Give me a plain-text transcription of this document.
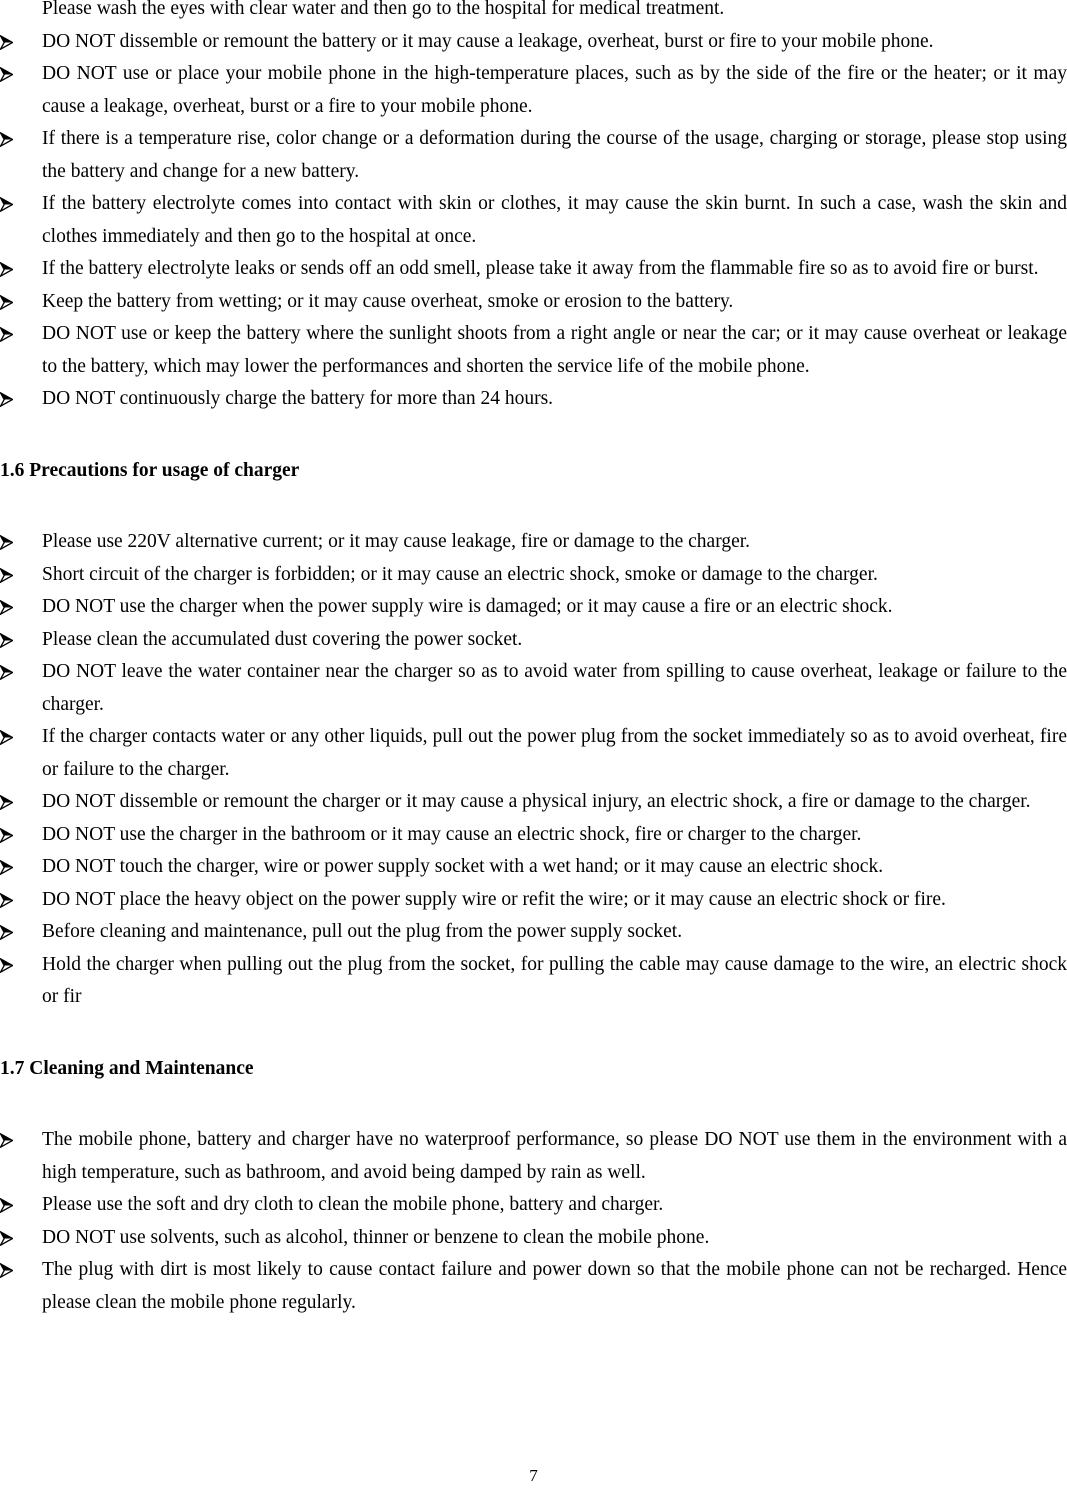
Please wash the eyes with clear water and then go to the hospital for medical treatment.
DO NOT dissemble or remount the battery or it may cause a leakage, overheat, burst or fire to your mobile phone.
DO NOT use or place your mobile phone in the high-temperature places, such as by the side of the fire or the heater; or it may cause a leakage, overheat, burst or a fire to your mobile phone.
If there is a temperature rise, color change or a deformation during the course of the usage, charging or storage, please stop using the battery and change for a new battery.
If the battery electrolyte comes into contact with skin or clothes, it may cause the skin burnt. In such a case, wash the skin and clothes immediately and then go to the hospital at once.
If the battery electrolyte leaks or sends off an odd smell, please take it away from the flammable fire so as to avoid fire or burst.
Keep the battery from wetting; or it may cause overheat, smoke or erosion to the battery.
DO NOT use or keep the battery where the sunlight shoots from a right angle or near the car; or it may cause overheat or leakage to the battery, which may lower the performances and shorten the service life of the mobile phone.
DO NOT continuously charge the battery for more than 24 hours.
1.6 Precautions for usage of charger
Please use 220V alternative current; or it may cause leakage, fire or damage to the charger.
Short circuit of the charger is forbidden; or it may cause an electric shock, smoke or damage to the charger.
DO NOT use the charger when the power supply wire is damaged; or it may cause a fire or an electric shock.
Please clean the accumulated dust covering the power socket.
DO NOT leave the water container near the charger so as to avoid water from spilling to cause overheat, leakage or failure to the charger.
If the charger contacts water or any other liquids, pull out the power plug from the socket immediately so as to avoid overheat, fire or failure to the charger.
DO NOT dissemble or remount the charger or it may cause a physical injury, an electric shock, a fire or damage to the charger.
DO NOT use the charger in the bathroom or it may cause an electric shock, fire or charger to the charger.
DO NOT touch the charger, wire or power supply socket with a wet hand; or it may cause an electric shock.
DO NOT place the heavy object on the power supply wire or refit the wire; or it may cause an electric shock or fire.
Before cleaning and maintenance, pull out the plug from the power supply socket.
Hold the charger when pulling out the plug from the socket, for pulling the cable may cause damage to the wire, an electric shock or fir
1.7 Cleaning and Maintenance
The mobile phone, battery and charger have no waterproof performance, so please DO NOT use them in the environment with a high temperature, such as bathroom, and avoid being damped by rain as well.
Please use the soft and dry cloth to clean the mobile phone, battery and charger.
DO NOT use solvents, such as alcohol, thinner or benzene to clean the mobile phone.
The plug with dirt is most likely to cause contact failure and power down so that the mobile phone can not be recharged. Hence please clean the mobile phone regularly.
7
